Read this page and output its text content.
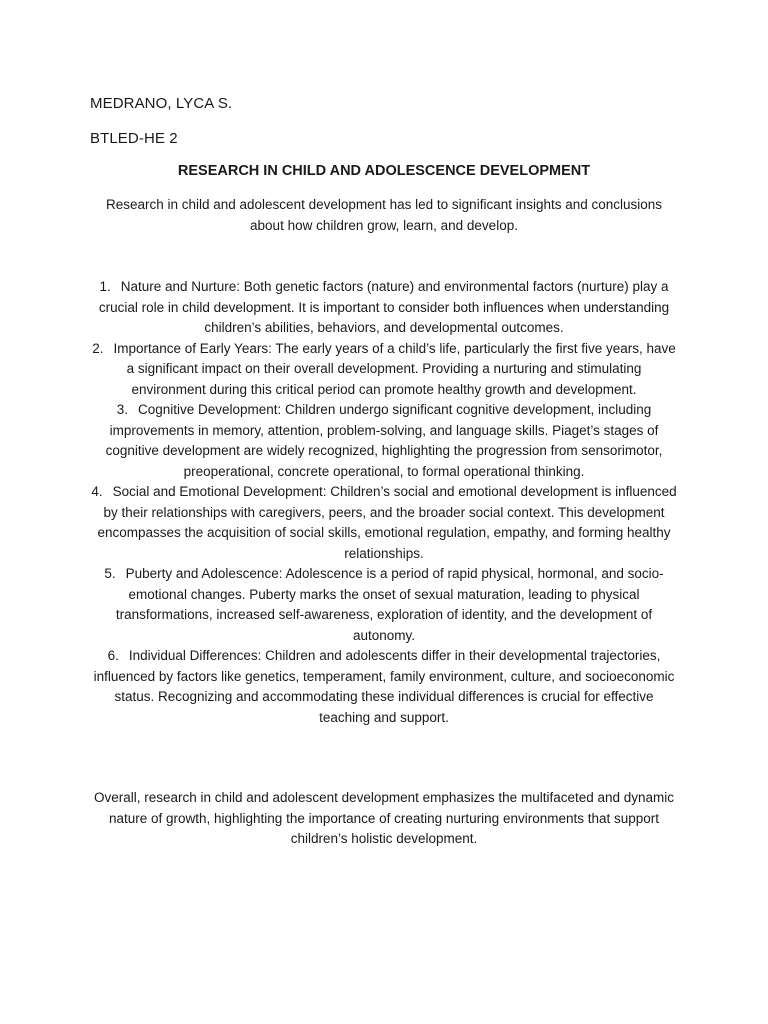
MEDRANO, LYCA S.
BTLED-HE 2
RESEARCH IN CHILD AND ADOLESCENCE DEVELOPMENT

Research in child and adolescent development has led to significant insights and conclusions about how children grow, learn, and develop.

1. Nature and Nurture: Both genetic factors (nature) and environmental factors (nurture) play a crucial role in child development. It is important to consider both influences when understanding children’s abilities, behaviors, and developmental outcomes.
2. Importance of Early Years: The early years of a child’s life, particularly the first five years, have a significant impact on their overall development. Providing a nurturing and stimulating environment during this critical period can promote healthy growth and development.
3. Cognitive Development: Children undergo significant cognitive development, including improvements in memory, attention, problem-solving, and language skills. Piaget’s stages of cognitive development are widely recognized, highlighting the progression from sensorimotor, preoperational, concrete operational, to formal operational thinking.
4. Social and Emotional Development: Children’s social and emotional development is influenced by their relationships with caregivers, peers, and the broader social context. This development encompasses the acquisition of social skills, emotional regulation, empathy, and forming healthy relationships.
5. Puberty and Adolescence: Adolescence is a period of rapid physical, hormonal, and socio-emotional changes. Puberty marks the onset of sexual maturation, leading to physical transformations, increased self-awareness, exploration of identity, and the development of autonomy.
6. Individual Differences: Children and adolescents differ in their developmental trajectories, influenced by factors like genetics, temperament, family environment, culture, and socioeconomic status. Recognizing and accommodating these individual differences is crucial for effective teaching and support.

Overall, research in child and adolescent development emphasizes the multifaceted and dynamic nature of growth, highlighting the importance of creating nurturing environments that support children’s holistic development.
